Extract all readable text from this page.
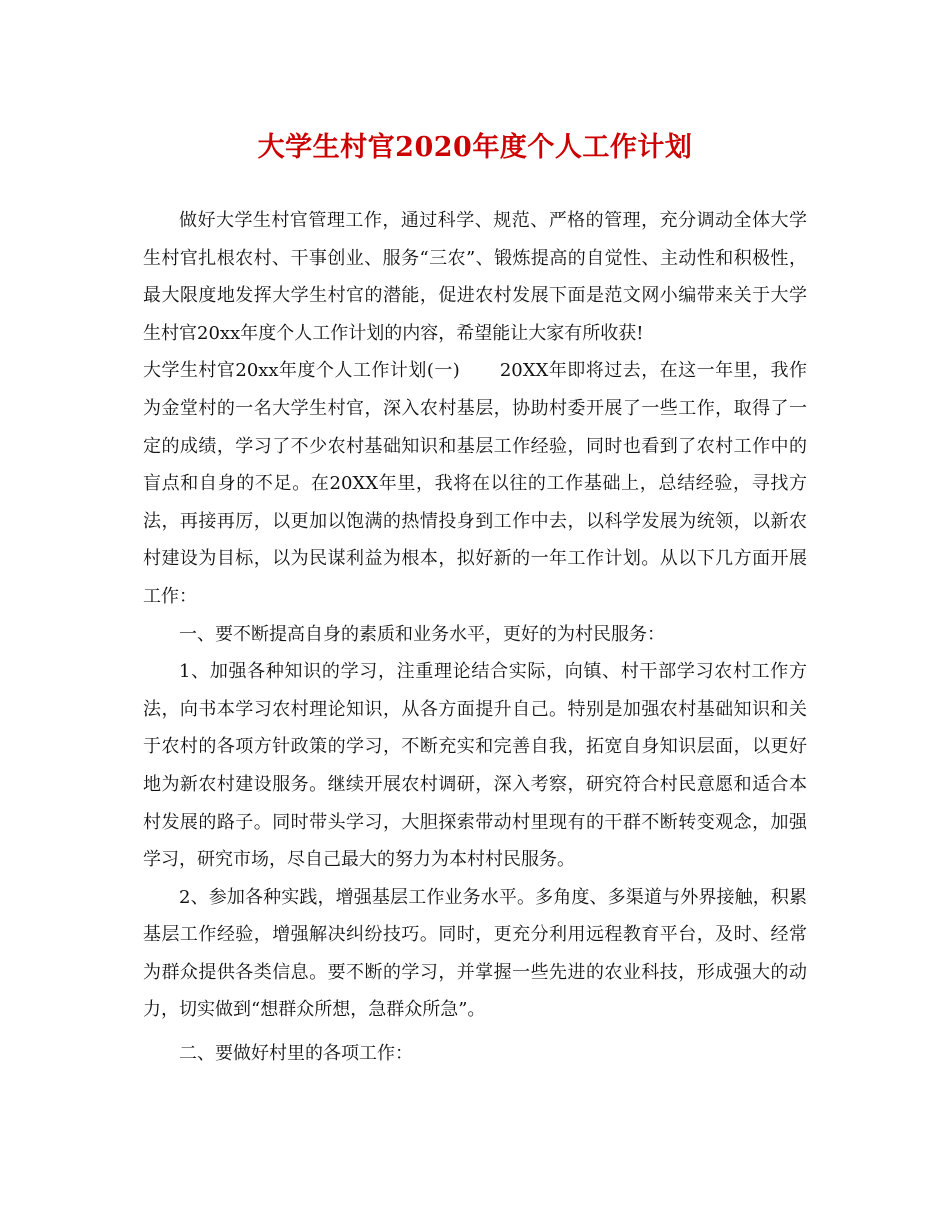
大学生村官2020年度个人工作计划

做好大学生村官管理工作，通过科学、规范、严格的管理，充分调动全体大学生村官扎根农村、干事创业、服务“三农”、锻炼提高的自觉性、主动性和积极性，最大限度地发挥大学生村官的潜能，促进农村发展下面是范文网小编带来关于大学生村官20xx年度个人工作计划的内容，希望能让大家有所收获!

大学生村官20xx年度个人工作计划(一) 20XX年即将过去，在这一年里，我作为金堂村的一名大学生村官，深入农村基层，协助村委开展了一些工作，取得了一定的成绩，学习了不少农村基础知识和基层工作经验，同时也看到了农村工作中的盲点和自身的不足。在20XX年里，我将在以往的工作基础上，总结经验，寻找方法，再接再厉，以更加以饱满的热情投身到工作中去，以科学发展为统领，以新农村建设为目标，以为民谋利益为根本，拟好新的一年工作计划。从以下几方面开展工作：

一、要不断提高自身的素质和业务水平，更好的为村民服务：

1、加强各种知识的学习，注重理论结合实际，向镇、村干部学习农村工作方法，向书本学习农村理论知识，从各方面提升自己。特别是加强农村基础知识和关于农村的各项方针政策的学习，不断充实和完善自我，拓宽自身知识层面，以更好地为新农村建设服务。继续开展农村调研，深入考察，研究符合村民意愿和适合本村发展的路子。同时带头学习，大胆探索带动村里现有的干群不断转变观念，加强学习，研究市场，尽自己最大的努力为本村村民服务。

2、参加各种实践，增强基层工作业务水平。多角度、多渠道与外界接触，积累基层工作经验，增强解决纠纷技巧。同时，更充分利用远程教育平台，及时、经常为群众提供各类信息。要不断的学习，并掌握一些先进的农业科技，形成强大的动力，切实做到“想群众所想，急群众所急”。

二、要做好村里的各项工作：
